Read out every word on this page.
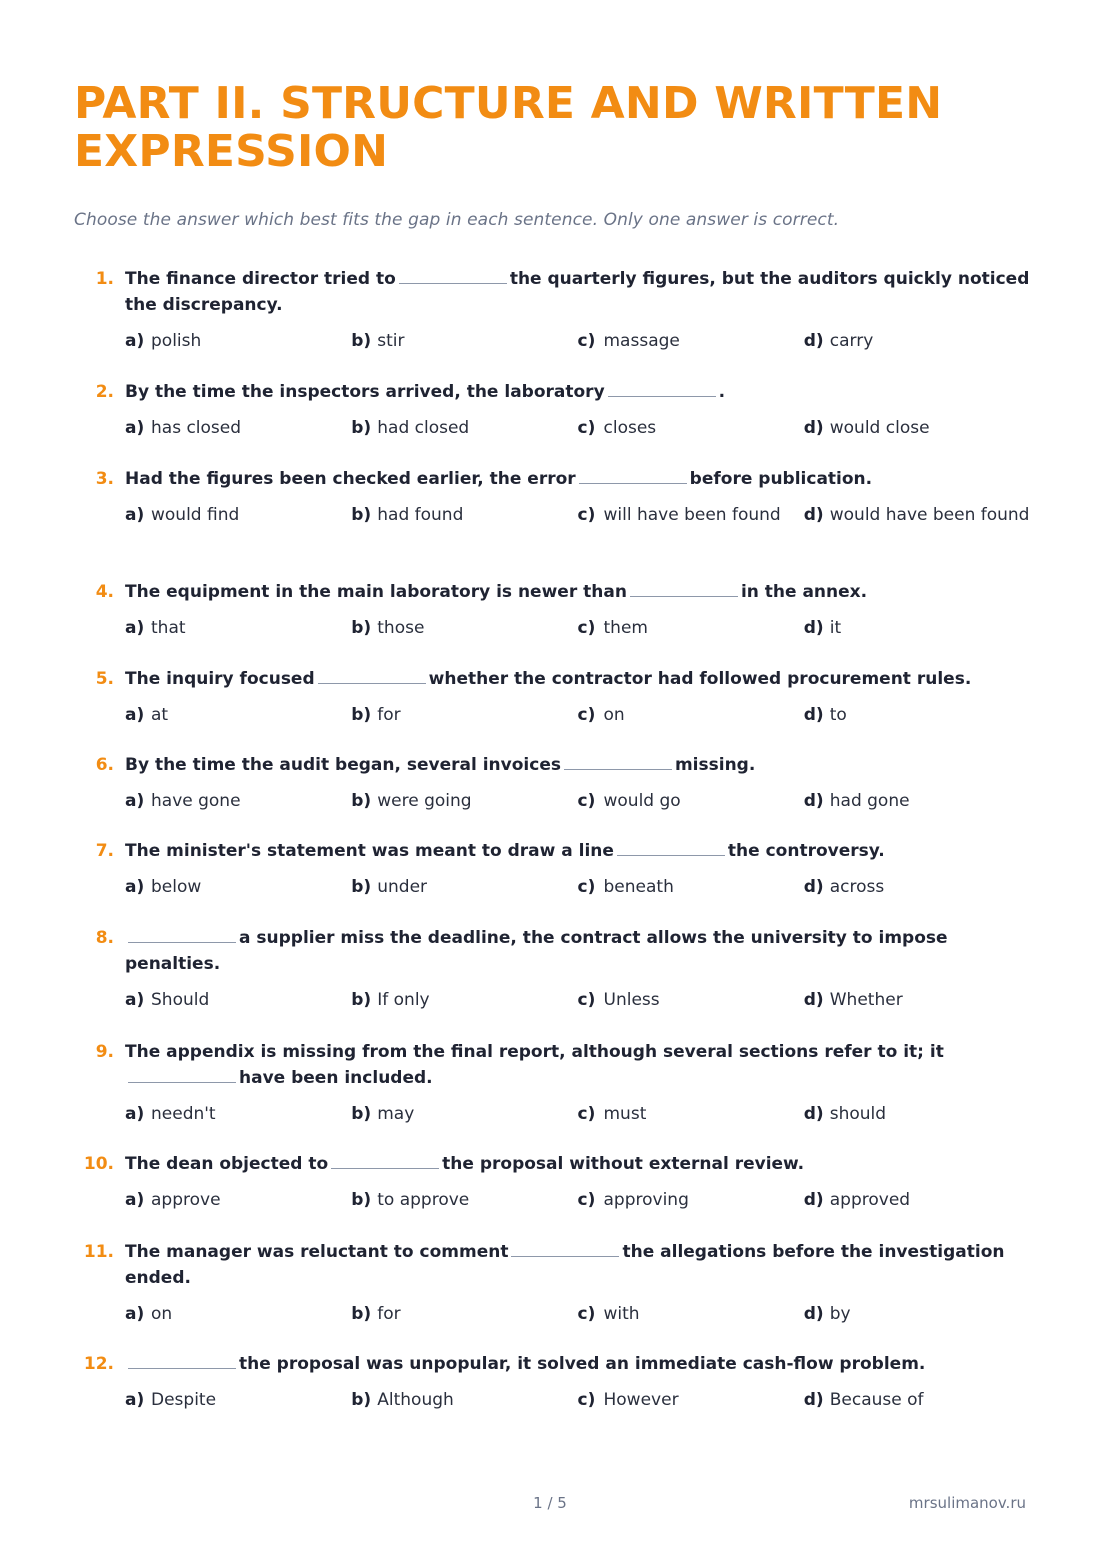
PART II. STRUCTURE AND WRITTEN EXPRESSION
Choose the answer which best fits the gap in each sentence. Only one answer is correct.
1. The finance director tried to	the quarterly figures, but the auditors quickly noticed the discrepancy.
a) polish	b) stir	c) massage	d) carry
2. By the time the inspectors arrived, the laboratory	.
a) has closed	b) had closed	c) closes	d) would close
3. Had the figures been checked earlier, the error	before publication.
a) would find	b) had found	c) will have been found d) would have been found
4. The equipment in the main laboratory is newer than	in the annex.
a) that	b) those	c) them	d) it
5. The inquiry focused	whether the contractor had followed procurement rules.
a) at	b) for	c) on	d) to
6. By the time the audit began, several invoices	missing.
a) have gone	b) were going	c) would go	d) had gone
7. The minister's statement was meant to draw a line	the controversy.
a) below	b) under	c) beneath	d) across
8.	a supplier miss the deadline, the contract allows the university to impose penalties.
a) Should	b) If only	c) Unless	d) Whether
9. The appendix is missing from the final report, although several sections refer to it; ithave been included.
a) needn't	b) may	c) must	d) should
10. The dean objected to	the proposal without external review.
a) approve	b) to approve	c) approving	d) approved
11. The manager was reluctant to comment	the allegations before the investigation ended.
a) on	b) for	c) with	d) by
12.	the proposal was unpopular, it solved an immediate cash-flow problem.
a) Despite	b) Although	c) However	d) Because of
1 / 5	mrsulimanov.ru
